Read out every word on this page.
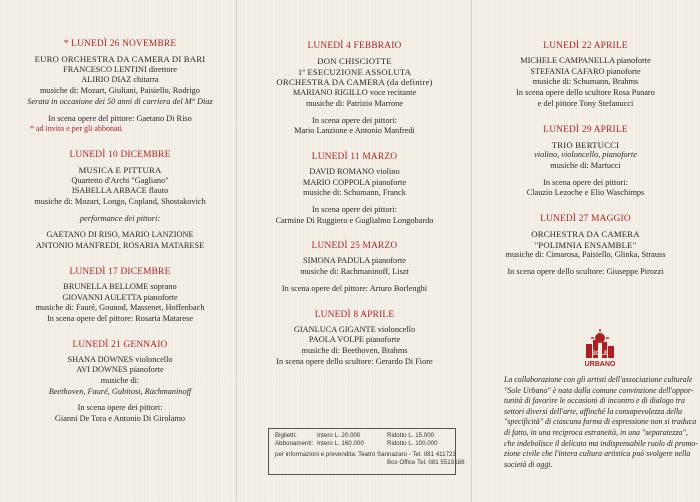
* LUNEDÌ 26 NOVEMBRE

EURO ORCHESTRA DA CAMERA DI BARI

FRANCESCO LENTINI direttore

ALIRIO DIAZ chitarra

musiche di: Mozart, Giuliani, Paisiello, Rodrigo

Serata in occasione dei 50 anni di carriera del M° Diaz

In scena opere del pittore: Gaetano Di Riso

* ad invito e per gli abbonati

LUNEDÌ 10 DICEMBRE

MUSICA E PITTURA

Quartetto d'Archi "Gagliano"

ISABELLA ARBACE flauto

musiche di: Mozart, Longo, Copland, Shostakovich

performance dei pittori:

GAETANO DI RISO, MARIO LANZIONE

ANTONIO MANFREDI, ROSARIA MATARESE

LUNEDÌ 17 DICEMBRE

BRUNELLA BELLOME soprano

GIOVANNI AULETTA pianoforte

musiche di: Fauré, Gounod, Massenet, Hoffenbach

In scena opere del pittore: Rosaria Matarese

LUNEDÌ 21 GENNAIO

SHANA DOWNES violoncello

AVI DOWNES pianoforte

musiche di:

Beethoven, Fauré, Gubitosi, Rachmaninoff

In scena opere dei pittori:

Gianni De Tora e Antonio Di Girolamo

LUNEDÌ 4 FEBBRAIO

DON CHISCIOTTE

1ª ESECUZIONE ASSOLUTA

ORCHESTRA DA CAMERA (da definire)

MARIANO RIGILLO voce recitante

musiche di: Patrizio Marrone

In scena opere dei pittori:

Mario Lanzione e Antonio Manfredi

LUNEDÌ 11 MARZO

DAVID ROMANO violino

MARIO COPPOLA pianoforte

musiche di: Schumann, Franck

In scena opere dei pittori:

Carmine Di Ruggiero e Guglialmo Longobardo

LUNEDÌ 25 MARZO

SIMONA PADULA pianoforte

musiche di: Rachmaninoff, Liszt

In scena opere del pittore: Arturo Borlenghi

LUNEDÌ 8 APRILE

GIANLUCA GIGANTE violoncello

PAOLA VOLPE pianoforte

musiche di: Beethoven, Brahms

In scena opere dello scultore: Gerardo Di Fiore

Biglietti:	Intero L. 20.000	Ridotto L. 15.000
Abbonamenti: Intero L. 160.000	Ridotto L. 100.000
per informazioni e prevendita: Teatro Sannazaro - Tel. 081 411723
Box Office Tel. 081 5519188

LUNEDÌ 22 APRILE

MICHELE CAMPANELLA pianoforte

STEFANIA CAFARO pianoforte

musiche di: Schumann, Brahms

In scena opere dello scultore Rosa Panaro

e del pittore Tony Stefanucci

LUNEDÌ 29 APRILE

TRIO BERTUCCI

violino, violoncello, pianoforte

musiche di: Martucci

In scena opere dei pittori:

Clauzio Lezoche e Elio Waschimps

LUNEDÌ 27 MAGGIO

ORCHESTRA DA CAMERA

"POLIMNIA ENSAMBLE"

musiche di: Cimarosa, Paisiello, Glinka, Strauss

In scena opere dello scultore: Giuseppe Pirozzi

SOLE
URBANO
La collaborazione con gli artisti dell'associazione culturale
"Sole Urbano" è nata dalla comune convinzione dell'oppor-
tunità di favorire le occasioni di incontro e di dialogo tra
settori diversi dell'arte, affinché la consapevolezza della
"specificità" di ciascuna forma di espressione non si traduca
di fatto, in una reciproca estraneità, in una "separatezza",
che indebolisce il delicato ma indispensabile ruolo di promo-
zione civile che l'intera cultura artistica può svolgere nella
società di oggi.
